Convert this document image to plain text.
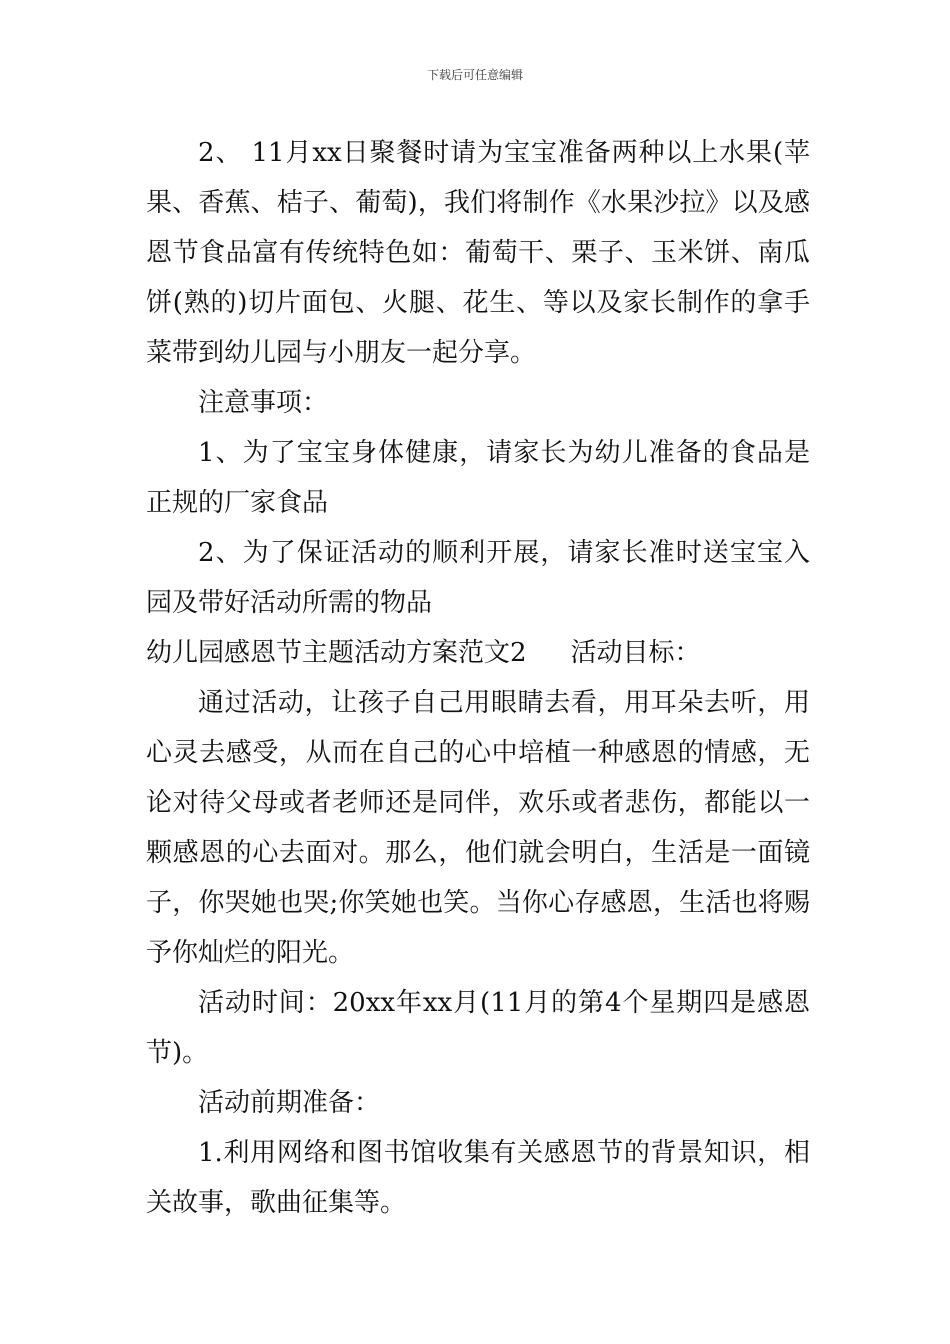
下载后可任意编辑

2、 11月xx日聚餐时请为宝宝准备两种以上水果(苹果、香蕉、桔子、葡萄)，我们将制作《水果沙拉》以及感恩节食品富有传统特色如：葡萄干、栗子、玉米饼、南瓜饼(熟的)切片面包、火腿、花生、等以及家长制作的拿手菜带到幼儿园与小朋友一起分享。

注意事项：

1、为了宝宝身体健康，请家长为幼儿准备的食品是正规的厂家食品

2、为了保证活动的顺利开展，请家长准时送宝宝入园及带好活动所需的物品

幼儿园感恩节主题活动方案范文2 活动目标：

通过活动，让孩子自己用眼睛去看，用耳朵去听，用心灵去感受，从而在自己的心中培植一种感恩的情感，无论对待父母或者老师还是同伴，欢乐或者悲伤，都能以一颗感恩的心去面对。那么，他们就会明白，生活是一面镜子，你哭她也哭;你笑她也笑。当你心存感恩，生活也将赐予你灿烂的阳光。

活动时间：20xx年xx月(11月的第4个星期四是感恩节)。

活动前期准备：

1.利用网络和图书馆收集有关感恩节的背景知识，相关故事，歌曲征集等。
